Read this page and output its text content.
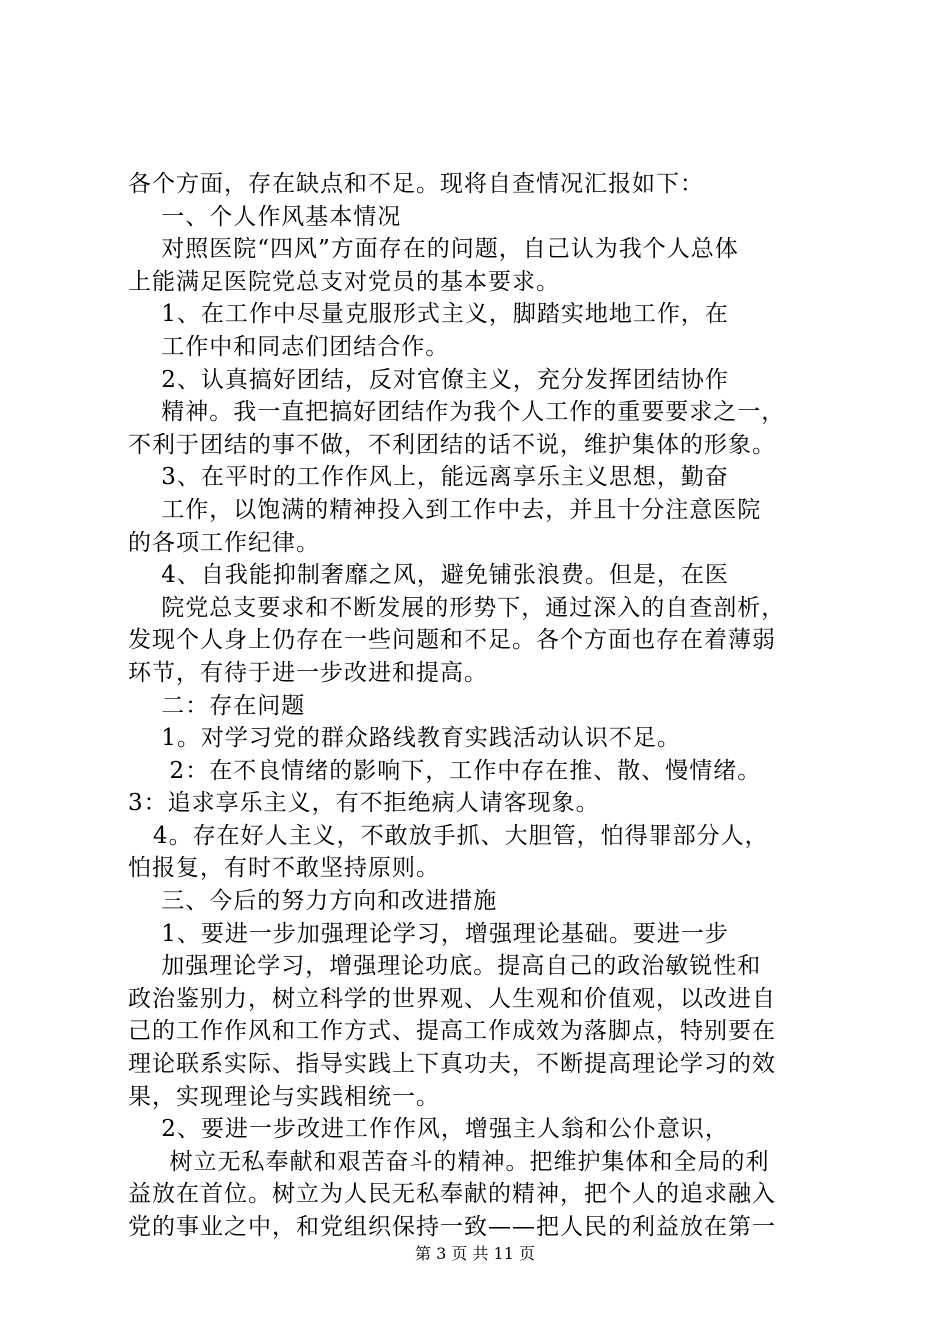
各个方面，存在缺点和不足。现将自查情况汇报如下：
一、个人作风基本情况
对照医院“四风”方面存在的问题，自己认为我个人总体
上能满足医院党总支对党员的基本要求。
1、在工作中尽量克服形式主义，脚踏实地地工作，在
工作中和同志们团结合作。
2、认真搞好团结，反对官僚主义，充分发挥团结协作
精神。我一直把搞好团结作为我个人工作的重要要求之一，
不利于团结的事不做，不利团结的话不说，维护集体的形象。
3、在平时的工作作风上，能远离享乐主义思想，勤奋
工作，以饱满的精神投入到工作中去，并且十分注意医院
的各项工作纪律。
4、自我能抑制奢靡之风，避免铺张浪费。但是，在医
院党总支要求和不断发展的形势下，通过深入的自查剖析，
发现个人身上仍存在一些问题和不足。各个方面也存在着薄弱
环节，有待于进一步改进和提高。
二：存在问题
1。对学习党的群众路线教育实践活动认识不足。
2：在不良情绪的影响下，工作中存在推、散、慢情绪。
3：追求享乐主义，有不拒绝病人请客现象。
4。存在好人主义，不敢放手抓、大胆管，怕得罪部分人，
怕报复，有时不敢坚持原则。
三、今后的努力方向和改进措施
1、要进一步加强理论学习，增强理论基础。要进一步
加强理论学习，增强理论功底。提高自己的政治敏锐性和
政治鉴别力，树立科学的世界观、人生观和价值观，以改进自
己的工作作风和工作方式、提高工作成效为落脚点，特别要在
理论联系实际、指导实践上下真功夫，不断提高理论学习的效
果，实现理论与实践相统一。
2、要进一步改进工作作风，增强主人翁和公仆意识，
树立无私奉献和艰苦奋斗的精神。把维护集体和全局的利
益放在首位。树立为人民无私奉献的精神，把个人的追求融入
党的事业之中，和党组织保持一致——把人民的利益放在第一
第 3 页 共 11 页
